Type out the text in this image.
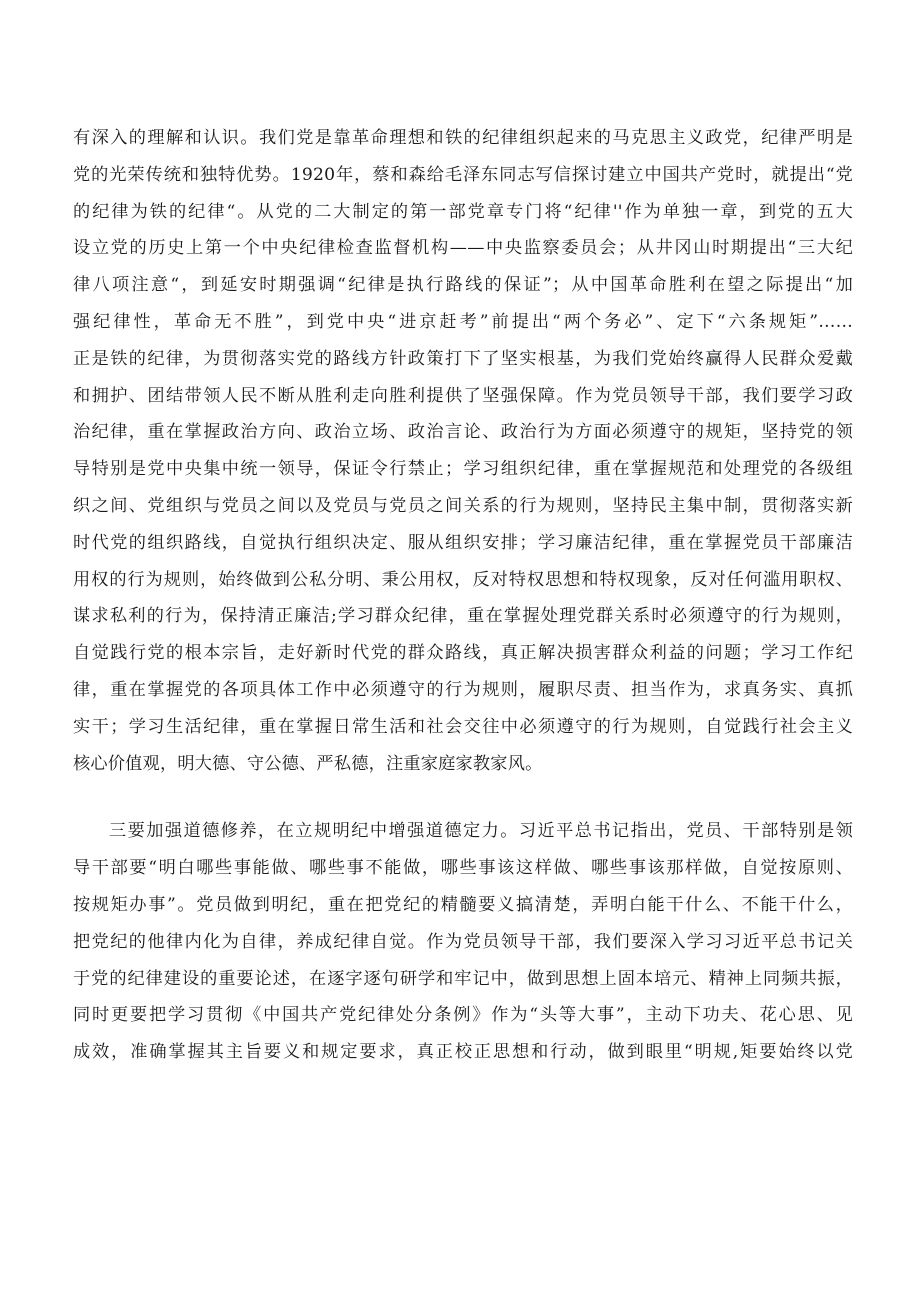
有深入的理解和认识。我们党是靠革命理想和铁的纪律组织起来的马克思主义政党，纪律严明是
党的光荣传统和独特优势。1920年，蔡和森给毛泽东同志写信探讨建立中国共产党时，就提出“党
的纪律为铁的纪律“。从党的二大制定的第一部党章专门将“纪律''作为单独一章，到党的五大
设立党的历史上第一个中央纪律检查监督机构——中央监察委员会；从井冈山时期提出“三大纪
律八项注意“，到延安时期强调“纪律是执行路线的保证”；从中国革命胜利在望之际提出“加
强纪律性，革命无不胜”，到党中央“进京赶考”前提出“两个务必”、定下“六条规矩”……
正是铁的纪律，为贯彻落实党的路线方针政策打下了坚实根基，为我们党始终赢得人民群众爱戴
和拥护、团结带领人民不断从胜利走向胜利提供了坚强保障。作为党员领导干部，我们要学习政
治纪律，重在掌握政治方向、政治立场、政治言论、政治行为方面必须遵守的规矩，坚持党的领
导特别是党中央集中统一领导，保证令行禁止；学习组织纪律，重在掌握规范和处理党的各级组
织之间、党组织与党员之间以及党员与党员之间关系的行为规则，坚持民主集中制，贯彻落实新
时代党的组织路线，自觉执行组织决定、服从组织安排；学习廉洁纪律，重在掌握党员干部廉洁
用权的行为规则，始终做到公私分明、秉公用权，反对特权思想和特权现象，反对任何滥用职权、
谋求私利的行为，保持清正廉洁;学习群众纪律，重在掌握处理党群关系时必须遵守的行为规则，
自觉践行党的根本宗旨，走好新时代党的群众路线，真正解决损害群众利益的问题；学习工作纪
律，重在掌握党的各项具体工作中必须遵守的行为规则，履职尽责、担当作为，求真务实、真抓
实干；学习生活纪律，重在掌握日常生活和社会交往中必须遵守的行为规则，自觉践行社会主义
核心价值观，明大德、守公德、严私德，注重家庭家教家风。
三要加强道德修养，在立规明纪中增强道德定力。习近平总书记指出，党员、干部特别是领
导干部要“明白哪些事能做、哪些事不能做，哪些事该这样做、哪些事该那样做，自觉按原则、
按规矩办事”。党员做到明纪，重在把党纪的精髓要义搞清楚，弄明白能干什么、不能干什么，
把党纪的他律内化为自律，养成纪律自觉。作为党员领导干部，我们要深入学习习近平总书记关
于党的纪律建设的重要论述，在逐字逐句研学和牢记中，做到思想上固本培元、精神上同频共振，
同时更要把学习贯彻《中国共产党纪律处分条例》作为“头等大事”，主动下功夫、花心思、见
成效，准确掌握其主旨要义和规定要求，真正校正思想和行动，做到眼里“明规,矩要始终以党
